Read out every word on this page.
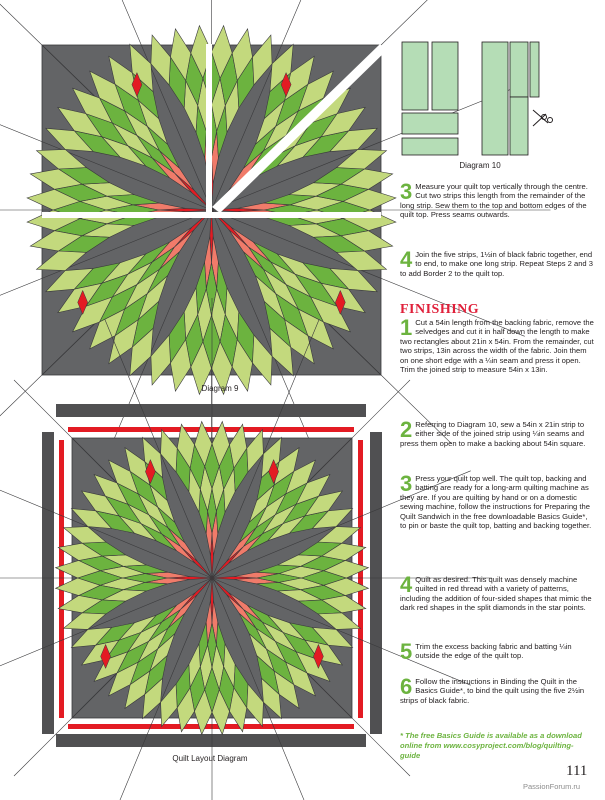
Diagram 9
Diagram 10
Quilt Layout Diagram
3 Measure your quilt top vertically through the centre. Cut two strips this length from the remainder of the long strip. Sew them to the top and bottom edges of the quilt top. Press seams outwards.
4 Join the five strips, 1½in of black fabric together, end to end, to make one long strip. Repeat Steps 2 and 3 to add Border 2 to the quilt top.
FINISHING
1 Cut a 54in length from the backing fabric, remove the selvedges and cut it in half down the length to make two rectangles about 21in x 54in. From the remainder, cut two strips, 13in across the width of the fabric. Join them on one short edge with a ¼in seam and press it open. Trim the joined strip to measure 54in x 13in.
2 Referring to Diagram 10, sew a 54in x 21in strip to either side of the joined strip using ¼in seams and press them open to make a backing about 54in square.
3 Press your quilt top well. The quilt top, backing and batting are ready for a long-arm quilting machine as they are. If you are quilting by hand or on a domestic sewing machine, follow the instructions for Preparing the Quilt Sandwich in the free downloadable Basics Guide*, to pin or baste the quilt top, batting and backing together.
4 Quilt as desired. This quilt was densely machine quilted in red thread with a variety of patterns, including the addition of four-sided shapes that mimic the dark red shapes in the split diamonds in the star points.
5 Trim the excess backing fabric and batting ¼in outside the edge of the quilt top.
6 Follow the instructions in Binding the Quilt in the Basics Guide*, to bind the quilt using the five 2½in strips of black fabric.
* The free Basics Guide is available as a download online from www.cosyproject.com/blog/quilting-guide
111
PassionForum.ru
